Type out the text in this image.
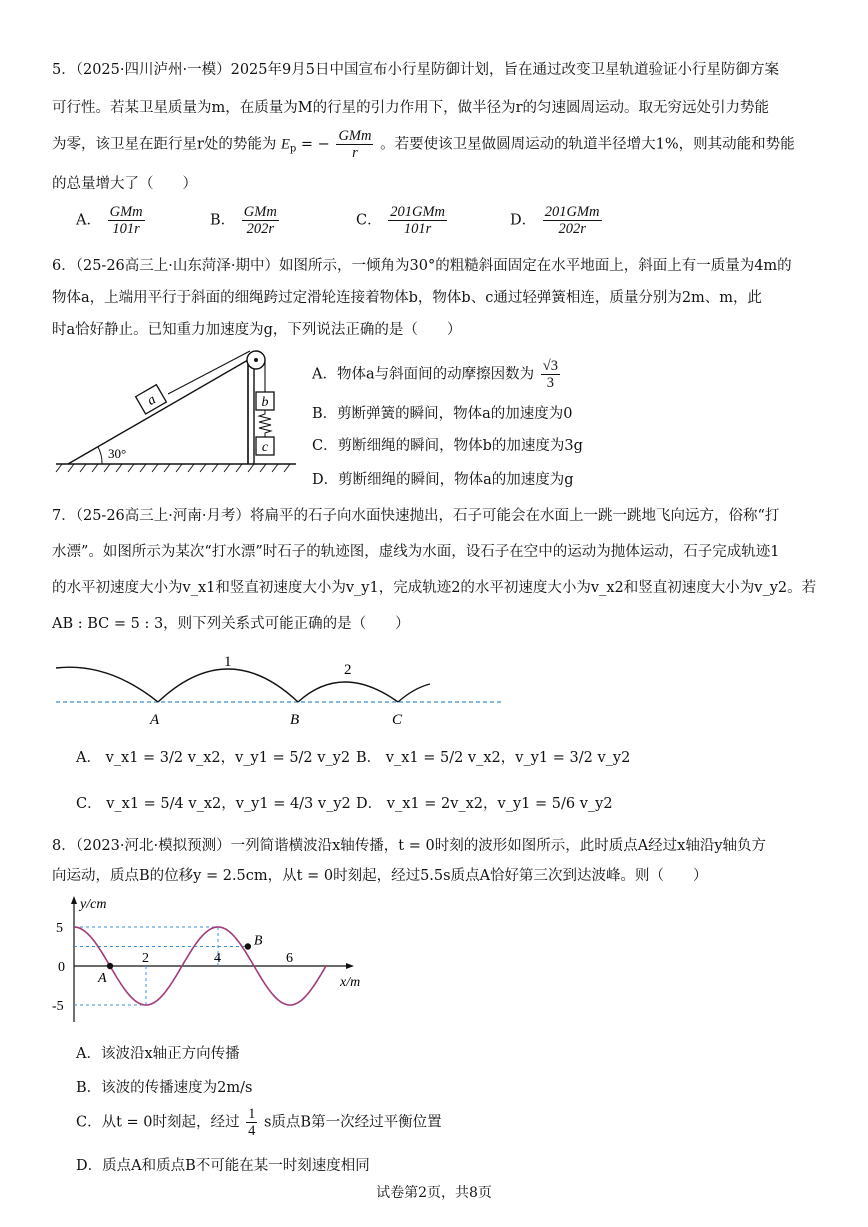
5．（2025·四川泸州·一模）2025年9月5日中国宣布小行星防御计划，旨在通过改变卫星轨道验证小行星防御方案
可行性。若某卫星质量为m，在质量为M的行星的引力作用下，做半径为r的匀速圆周运动。取无穷远处引力势能
为零，该卫星在距行星r处的势能为 $E_p$ = − $\frac{\text{GMm}}{r}$ 。若要使该卫星做圆周运动的轨道半径增大1%，则其动能和势能
的总量增大了（　　）
A． $\frac{\text{GMm}}{101r}$	B． $\frac{\text{GMm}}{202r}$	C． $\frac{\text{201GMm}}{101r}$	D． $\frac{\text{201GMm}}{202r}$
6．（25-26高三上·山东菏泽·期中）如图所示，一倾角为30°的粗糙斜面固定在水平地面上，斜面上有一质量为4m的
物体a，上端用平行于斜面的细绳跨过定滑轮连接着物体b，物体b、c通过轻弹簧相连，质量分别为2m、m，此
时a恰好静止。已知重力加速度为g，下列说法正确的是（　　）
a	b
c
30°
A．物体a与斜面间的动摩擦因数为 $\frac{√3}{3}$
B．剪断弹簧的瞬间，物体a的加速度为0
C．剪断细绳的瞬间，物体b的加速度为3g
D．剪断细绳的瞬间，物体a的加速度为g
7．（25-26高三上·河南·月考）将扁平的石子向水面快速抛出，石子可能会在水面上一跳一跳地飞向远方，俗称“打
水漂”。如图所示为某次“打水漂”时石子的轨迹图，虚线为水面，设石子在空中的运动为抛体运动，石子完成轨迹1
的水平初速度大小为v_x1和竖直初速度大小为v_y1，完成轨迹2的水平初速度大小为v_x2和竖直初速度大小为v_y2。若
AB : BC = 5 : 3，则下列关系式可能正确的是（　　）
1	2
A	B	C
A． v_x1 = 3/2 v_x2，v_y1 = 5/2 v_y2 B． v_x1 = 5/2 v_x2，v_y1 = 3/2 v_y2
C． v_x1 = 5/4 v_x2，v_y1 = 4/3 v_y2 D． v_x1 = 2v_x2，v_y1 = 5/6 v_y2
8．（2023·河北·模拟预测）一列简谐横波沿x轴传播，t = 0时刻的波形如图所示，此时质点A经过x轴沿y轴负方
向运动，质点B的位移y = 2.5cm，从t = 0时刻起，经过5.5s质点A恰好第三次到达波峰。则（　　）
y/cm
x/m
5
0
-5
2	4	6
A
B
A．该波沿x轴正方向传播
B．该波的传播速度为2m/s
C．从t = 0时刻起，经过 $\frac{1}{4}$ s质点B第一次经过平衡位置
D．质点A和质点B不可能在某一时刻速度相同
试卷第2页，共8页
